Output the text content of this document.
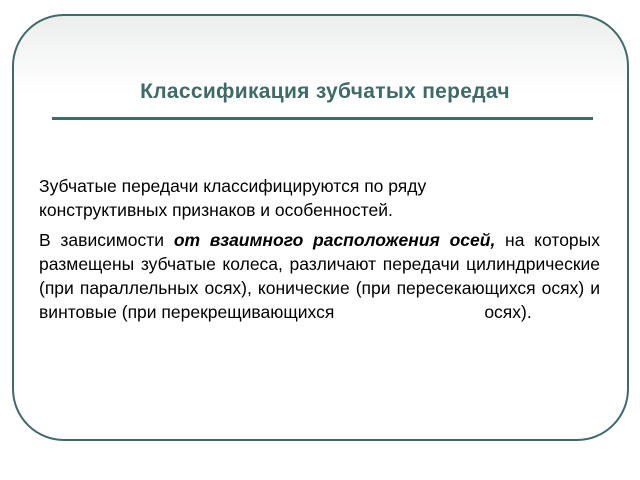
Классификация зубчатых передач

Зубчатые передачи классифицируются по ряду
конструктивных признаков и особенностей.

В зависимости от взаимного расположения осей, на которых размещены зубчатые колеса, различают передачи цилиндрические (при параллельных осях), конические (при пересекающихся осях) и винтовые (при перекрещивающихся	осях).
